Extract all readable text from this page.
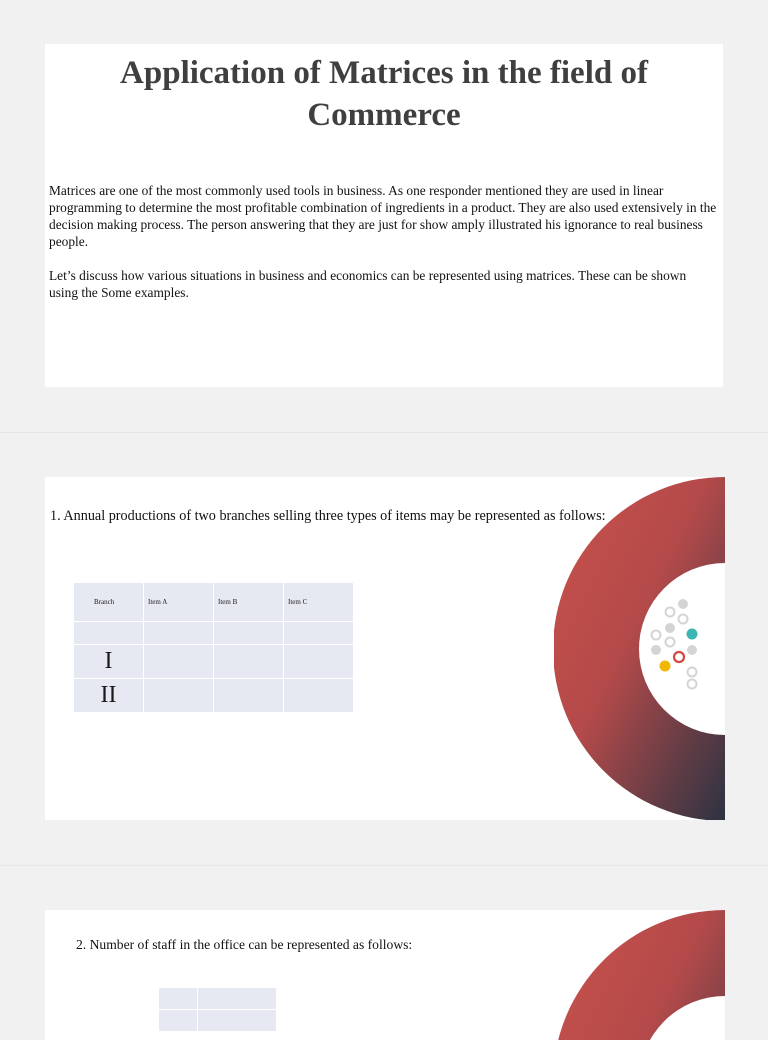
Application of Matrices in the field of Commerce
Matrices are one of the most commonly used tools in business. As one responder mentioned they are used in linear programming to determine the most profitable combination of ingredients in a product. They are also used extensively in the decision making process. The person answering that they are just for show amply illustrated his ignorance to real business people.
Let’s discuss how various situations in business and economics can be represented using matrices. These can be shown using the Some examples.
1. Annual productions of two branches selling three types of items may be represented as follows:
Branch	Item A	Item B	Item C

I			
II			
2. Number of staff in the office can be represented as follows:
